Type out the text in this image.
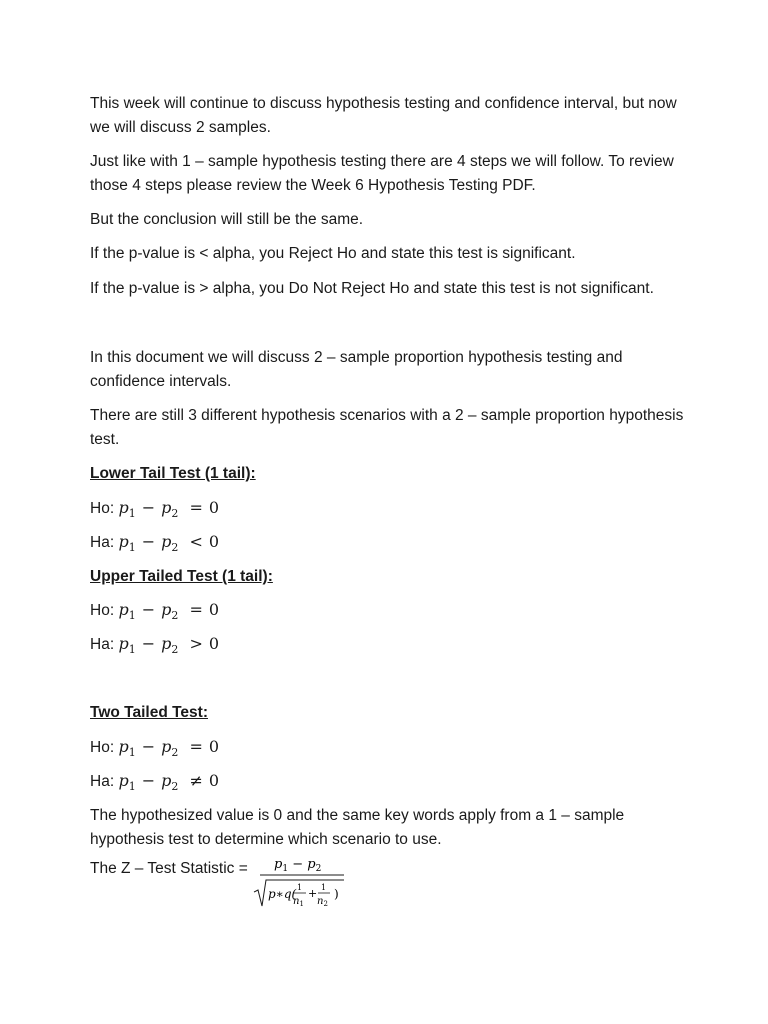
This week will continue to discuss hypothesis testing and confidence interval, but now we will discuss 2 samples.

Just like with 1 – sample hypothesis testing there are 4 steps we will follow. To review those 4 steps please review the Week 6 Hypothesis Testing PDF.

But the conclusion will still be the same.

If the p-value is < alpha, you Reject Ho and state this test is significant.

If the p-value is > alpha, you Do Not Reject Ho and state this test is not significant.

In this document we will discuss 2 – sample proportion hypothesis testing and confidence intervals.

There are still 3 different hypothesis scenarios with a 2 – sample proportion hypothesis test.

Lower Tail Test (1 tail):

Ho: $p_1 - p_2 = 0$
Ha: $p_1 - p_2 < 0$

Upper Tailed Test (1 tail):

Ho: $p_1 - p_2 = 0$
Ha: $p_1 - p_2 > 0$

Two Tailed Test:

Ho: $p_1 - p_2 = 0$
Ha: $p_1 - p_2 \ne 0$

The hypothesized value is 0 and the same key words apply from a 1 – sample hypothesis test to determine which scenario to use.

The Z – Test Statistic = $p_1 - p_2$
p∗q( 1
$n_1$
+ 1
$n_2$
)
